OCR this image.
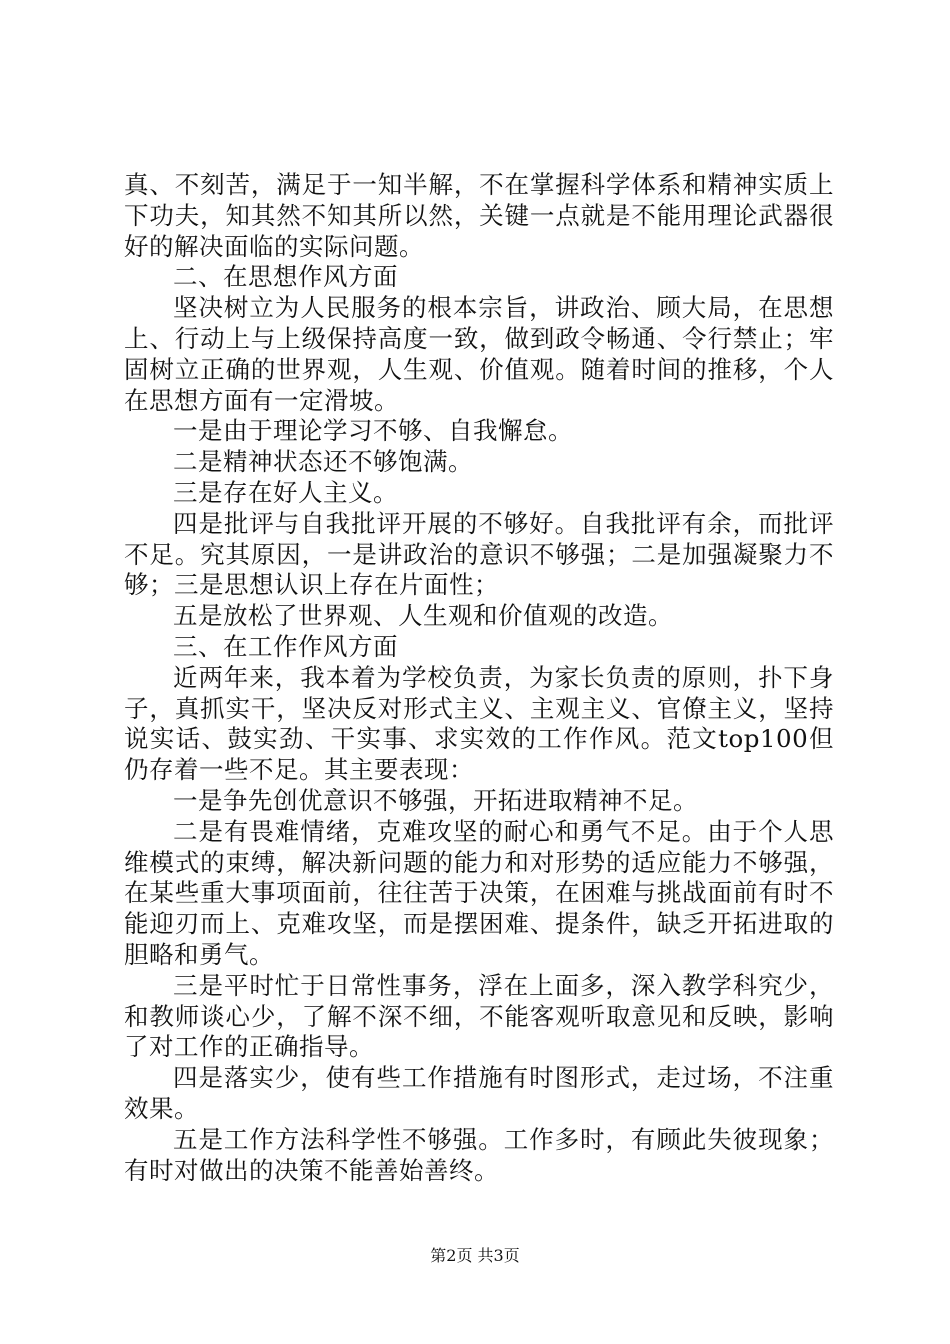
真、不刻苦，满足于一知半解，不在掌握科学体系和精神实质上下功夫，知其然不知其所以然，关键一点就是不能用理论武器很好的解决面临的实际问题。

二、在思想作风方面

坚决树立为人民服务的根本宗旨，讲政治、顾大局，在思想上、行动上与上级保持高度一致，做到政令畅通、令行禁止；牢固树立正确的世界观，人生观、价值观。随着时间的推移，个人在思想方面有一定滑坡。

一是由于理论学习不够、自我懈怠。

二是精神状态还不够饱满。

三是存在好人主义。

四是批评与自我批评开展的不够好。自我批评有余，而批评不足。究其原因，一是讲政治的意识不够强；二是加强凝聚力不够；三是思想认识上存在片面性；

五是放松了世界观、人生观和价值观的改造。

三、在工作作风方面

近两年来，我本着为学校负责，为家长负责的原则，扑下身子，真抓实干，坚决反对形式主义、主观主义、官僚主义，坚持说实话、鼓实劲、干实事、求实效的工作作风。范文top100但仍存着一些不足。其主要表现：

一是争先创优意识不够强，开拓进取精神不足。

二是有畏难情绪，克难攻坚的耐心和勇气不足。由于个人思维模式的束缚，解决新问题的能力和对形势的适应能力不够强，在某些重大事项面前，往往苦于决策，在困难与挑战面前有时不能迎刃而上、克难攻坚，而是摆困难、提条件，缺乏开拓进取的胆略和勇气。

三是平时忙于日常性事务，浮在上面多，深入教学科究少，和教师谈心少，了解不深不细，不能客观听取意见和反映，影响了对工作的正确指导。

四是落实少，使有些工作措施有时图形式，走过场，不注重效果。

五是工作方法科学性不够强。工作多时，有顾此失彼现象；有时对做出的决策不能善始善终。

第2页 共3页
